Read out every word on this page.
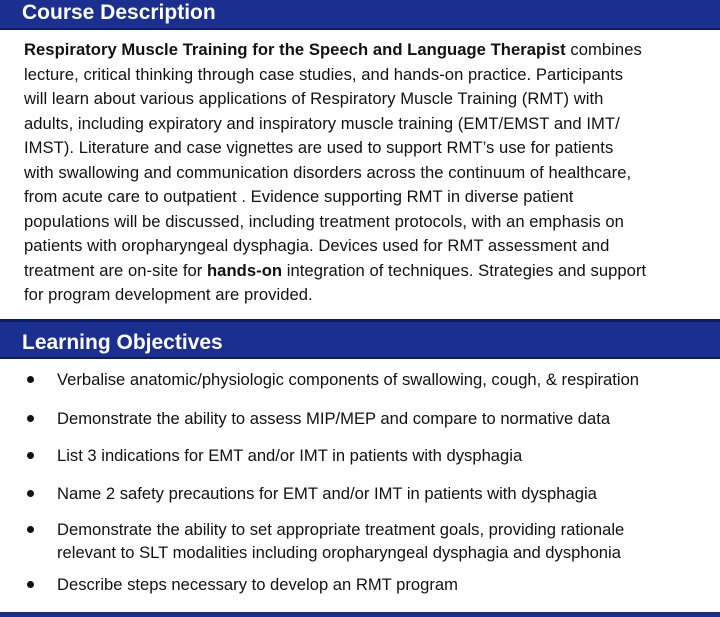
Course Description
Respiratory Muscle Training for the Speech and Language Therapist combines
lecture, critical thinking through case studies, and hands-on practice. Participants
will learn about various applications of Respiratory Muscle Training (RMT) with
adults, including expiratory and inspiratory muscle training (EMT/EMST and IMT/
IMST). Literature and case vignettes are used to support RMT’s use for patients
with swallowing and communication disorders across the continuum of healthcare,
from acute care to outpatient . Evidence supporting RMT in diverse patient
populations will be discussed, including treatment protocols, with an emphasis on
patients with oropharyngeal dysphagia. Devices used for RMT assessment and
treatment are on-site for hands-on integration of techniques. Strategies and support
for program development are provided.
Learning Objectives
Verbalise anatomic/physiologic components of swallowing, cough, & respiration
Demonstrate the ability to assess MIP/MEP and compare to normative data
List 3 indications for EMT and/or IMT in patients with dysphagia
Name 2 safety precautions for EMT and/or IMT in patients with dysphagia
Demonstrate the ability to set appropriate treatment goals, providing rationale
relevant to SLT modalities including oropharyngeal dysphagia and dysphonia
Describe steps necessary to develop an RMT program
